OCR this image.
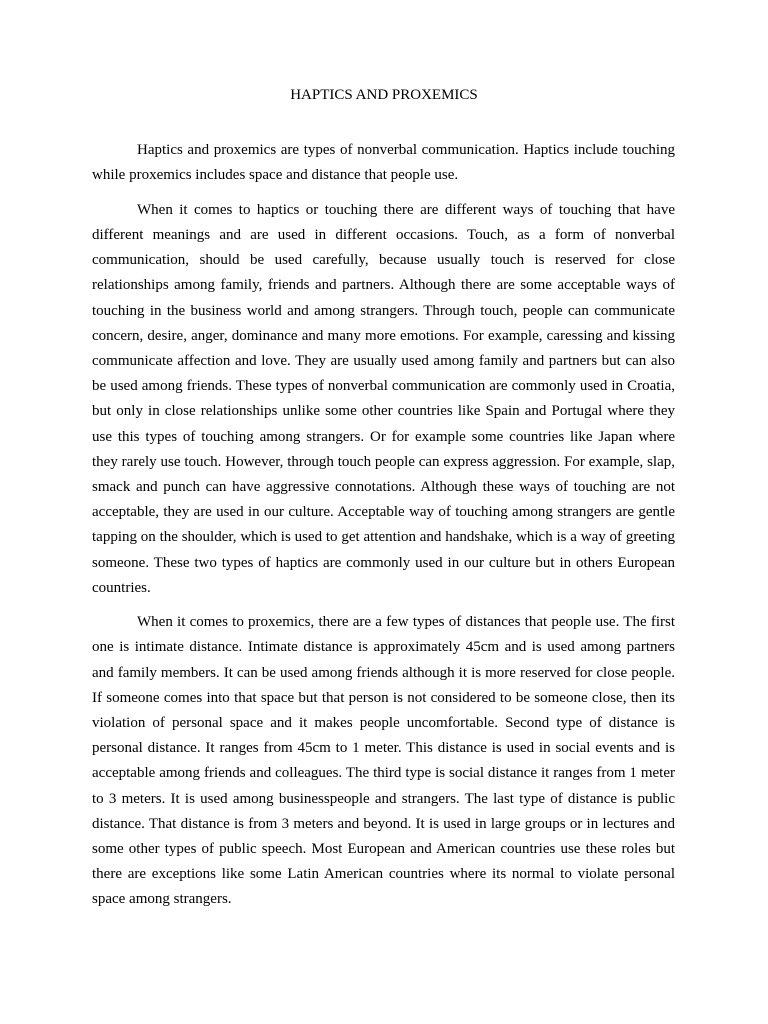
HAPTICS AND PROXEMICS

Haptics and proxemics are types of nonverbal communication. Haptics include touching while proxemics includes space and distance that people use.

When it comes to haptics or touching there are different ways of touching that have different meanings and are used in different occasions. Touch, as a form of nonverbal communication, should be used carefully, because usually touch is reserved for close relationships among family, friends and partners. Although there are some acceptable ways of touching in the business world and among strangers. Through touch, people can communicate concern, desire, anger, dominance and many more emotions. For example, caressing and kissing communicate affection and love. They are usually used among family and partners but can also be used among friends. These types of nonverbal communication are commonly used in Croatia, but only in close relationships unlike some other countries like Spain and Portugal where they use this types of touching among strangers. Or for example some countries like Japan where they rarely use touch. However, through touch people can express aggression. For example, slap, smack and punch can have aggressive connotations. Although these ways of touching are not acceptable, they are used in our culture. Acceptable way of touching among strangers are gentle tapping on the shoulder, which is used to get attention and handshake, which is a way of greeting someone. These two types of haptics are commonly used in our culture but in others European countries.

When it comes to proxemics, there are a few types of distances that people use. The first one is intimate distance. Intimate distance is approximately 45cm and is used among partners and family members. It can be used among friends although it is more reserved for close people. If someone comes into that space but that person is not considered to be someone close, then its violation of personal space and it makes people uncomfortable. Second type of distance is personal distance. It ranges from 45cm to 1 meter. This distance is used in social events and is acceptable among friends and colleagues. The third type is social distance it ranges from 1 meter to 3 meters. It is used among businesspeople and strangers. The last type of distance is public distance. That distance is from 3 meters and beyond. It is used in large groups or in lectures and some other types of public speech. Most European and American countries use these roles but there are exceptions like some Latin American countries where its normal to violate personal space among strangers.
